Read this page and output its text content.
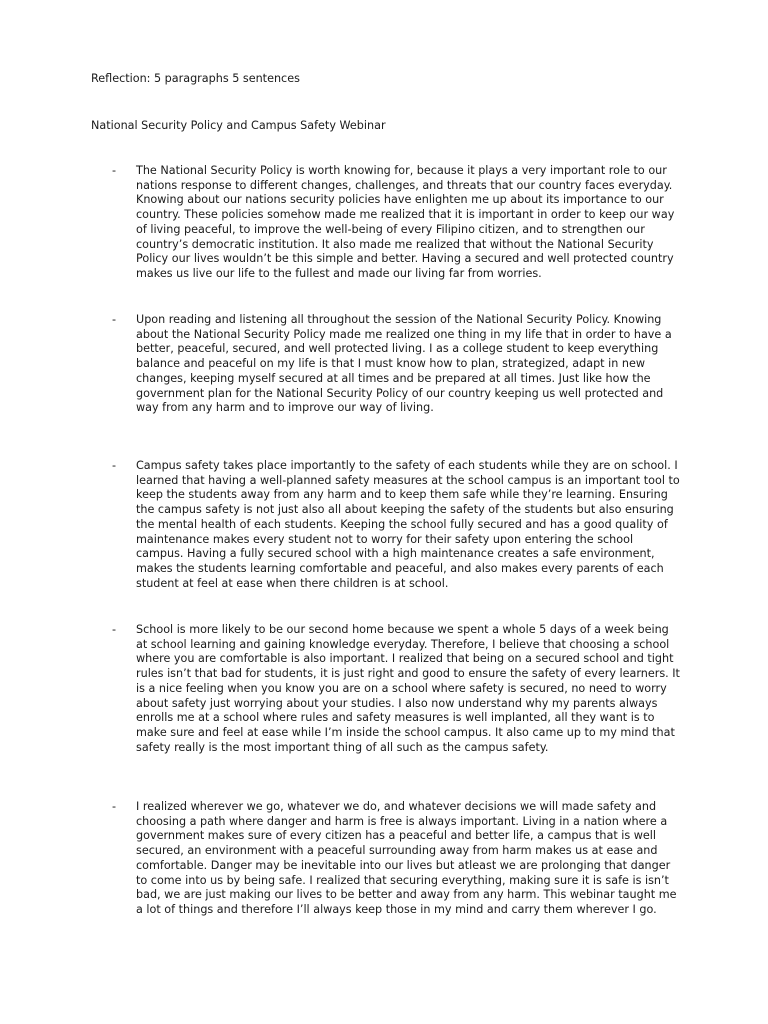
Reflection: 5 paragraphs 5 sentences
National Security Policy and Campus Safety Webinar
-	The National Security Policy is worth knowing for, because it plays a very important role to our nations response to different changes, challenges, and threats that our country faces everyday. Knowing about our nations security policies have enlighten me up about its importance to our country. These policies somehow made me realized that it is important in order to keep our way of living peaceful, to improve the well-being of every Filipino citizen, and to strengthen our country’s democratic institution. It also made me realized that without the National Security Policy our lives wouldn’t be this simple and better. Having a secured and well protected country makes us live our life to the fullest and made our living far from worries.

-	Upon reading and listening all throughout the session of the National Security Policy. Knowing about the National Security Policy made me realized one thing in my life that in order to have a better, peaceful, secured, and well protected living. I as a college student to keep everything balance and peaceful on my life is that I must know how to plan, strategized, adapt in new changes, keeping myself secured at all times and be prepared at all times. Just like how the government plan for the National Security Policy of our country keeping us well protected and way from any harm and to improve our way of living.

-	Campus safety takes place importantly to the safety of each students while they are on school. I learned that having a well-planned safety measures at the school campus is an important tool to keep the students away from any harm and to keep them safe while they’re learning. Ensuring the campus safety is not just also all about keeping the safety of the students but also ensuring the mental health of each students. Keeping the school fully secured and has a good quality of maintenance makes every student not to worry for their safety upon entering the school campus. Having a fully secured school with a high maintenance creates a safe environment, makes the students learning comfortable and peaceful, and also makes every parents of each student at feel at ease when there children is at school.

-	School is more likely to be our second home because we spent a whole 5 days of a week being at school learning and gaining knowledge everyday. Therefore, I believe that choosing a school where you are comfortable is also important. I realized that being on a secured school and tight rules isn’t that bad for students, it is just right and good to ensure the safety of every learners. It is a nice feeling when you know you are on a school where safety is secured, no need to worry about safety just worrying about your studies. I also now understand why my parents always enrolls me at a school where rules and safety measures is well implanted, all they want is to make sure and feel at ease while I’m inside the school campus. It also came up to my mind that safety really is the most important thing of all such as the campus safety.

-	I realized wherever we go, whatever we do, and whatever decisions we will made safety and choosing a path where danger and harm is free is always important. Living in a nation where a government makes sure of every citizen has a peaceful and better life, a campus that is well secured, an environment with a peaceful surrounding away from harm makes us at ease and comfortable. Danger may be inevitable into our lives but atleast we are prolonging that danger to come into us by being safe. I realized that securing everything, making sure it is safe is isn’t bad, we are just making our lives to be better and away from any harm. This webinar taught me a lot of things and therefore I’ll always keep those in my mind and carry them wherever I go.
